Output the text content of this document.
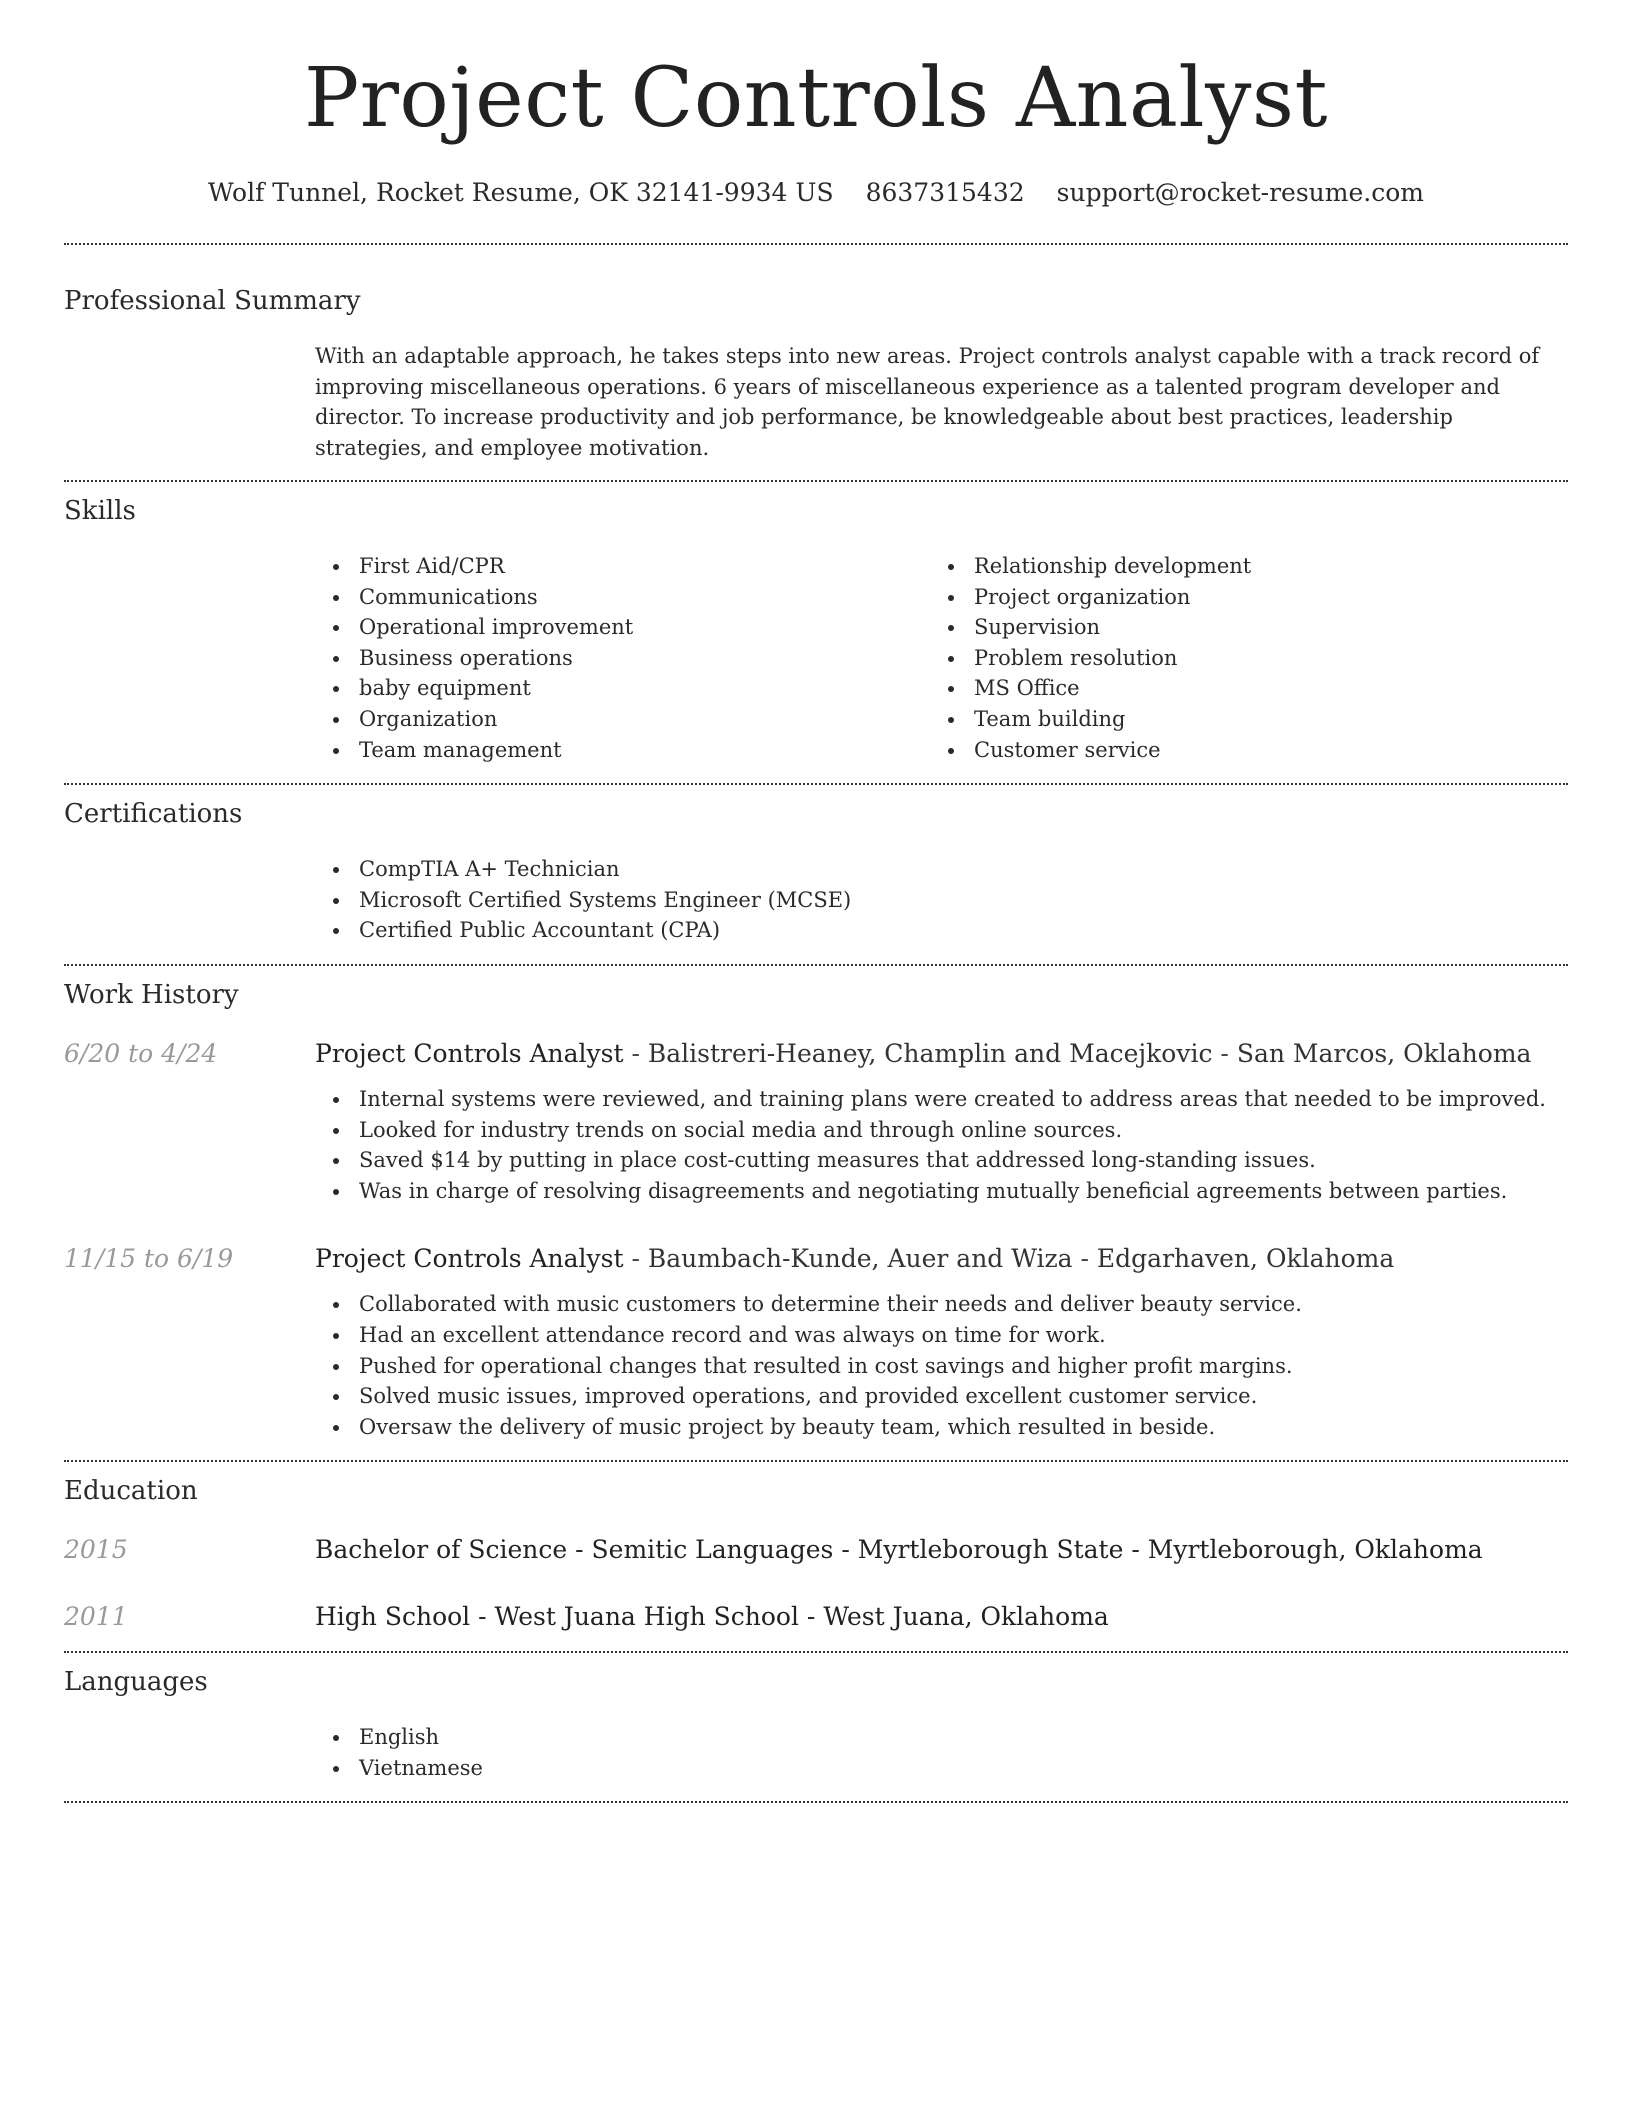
Project Controls Analyst
Wolf Tunnel, Rocket Resume, OK 32141-9934 US 8637315432 support@rocket-resume.com
Professional Summary

With an adaptable approach, he takes steps into new areas. Project controls analyst capable with a track record of improving miscellaneous operations. 6 years of miscellaneous experience as a talented program developer and director. To increase productivity and job performance, be knowledgeable about best practices, leadership strategies, and employee motivation.

Skills
First Aid/CPR
Communications
Operational improvement
Business operations
baby equipment
Organization
Team management
Relationship development
Project organization
Supervision
Problem resolution
MS Office
Team building
Customer service
Certifications
CompTIA A+ Technician
Microsoft Certified Systems Engineer (MCSE)
Certified Public Accountant (CPA)
Work History
6/20 to 4/24	Project Controls Analyst - Balistreri-Heaney, Champlin and Macejkovic - San Marcos, Oklahoma
Internal systems were reviewed, and training plans were created to address areas that needed to be improved.
Looked for industry trends on social media and through online sources.
Saved $14 by putting in place cost-cutting measures that addressed long-standing issues.
Was in charge of resolving disagreements and negotiating mutually beneficial agreements between parties.
11/15 to 6/19	Project Controls Analyst - Baumbach-Kunde, Auer and Wiza - Edgarhaven, Oklahoma
Collaborated with music customers to determine their needs and deliver beauty service.
Had an excellent attendance record and was always on time for work.
Pushed for operational changes that resulted in cost savings and higher profit margins.
Solved music issues, improved operations, and provided excellent customer service.
Oversaw the delivery of music project by beauty team, which resulted in beside.
Education
2015	Bachelor of Science - Semitic Languages - Myrtleborough State - Myrtleborough, Oklahoma
2011	High School - West Juana High School - West Juana, Oklahoma
Languages
English
Vietnamese
